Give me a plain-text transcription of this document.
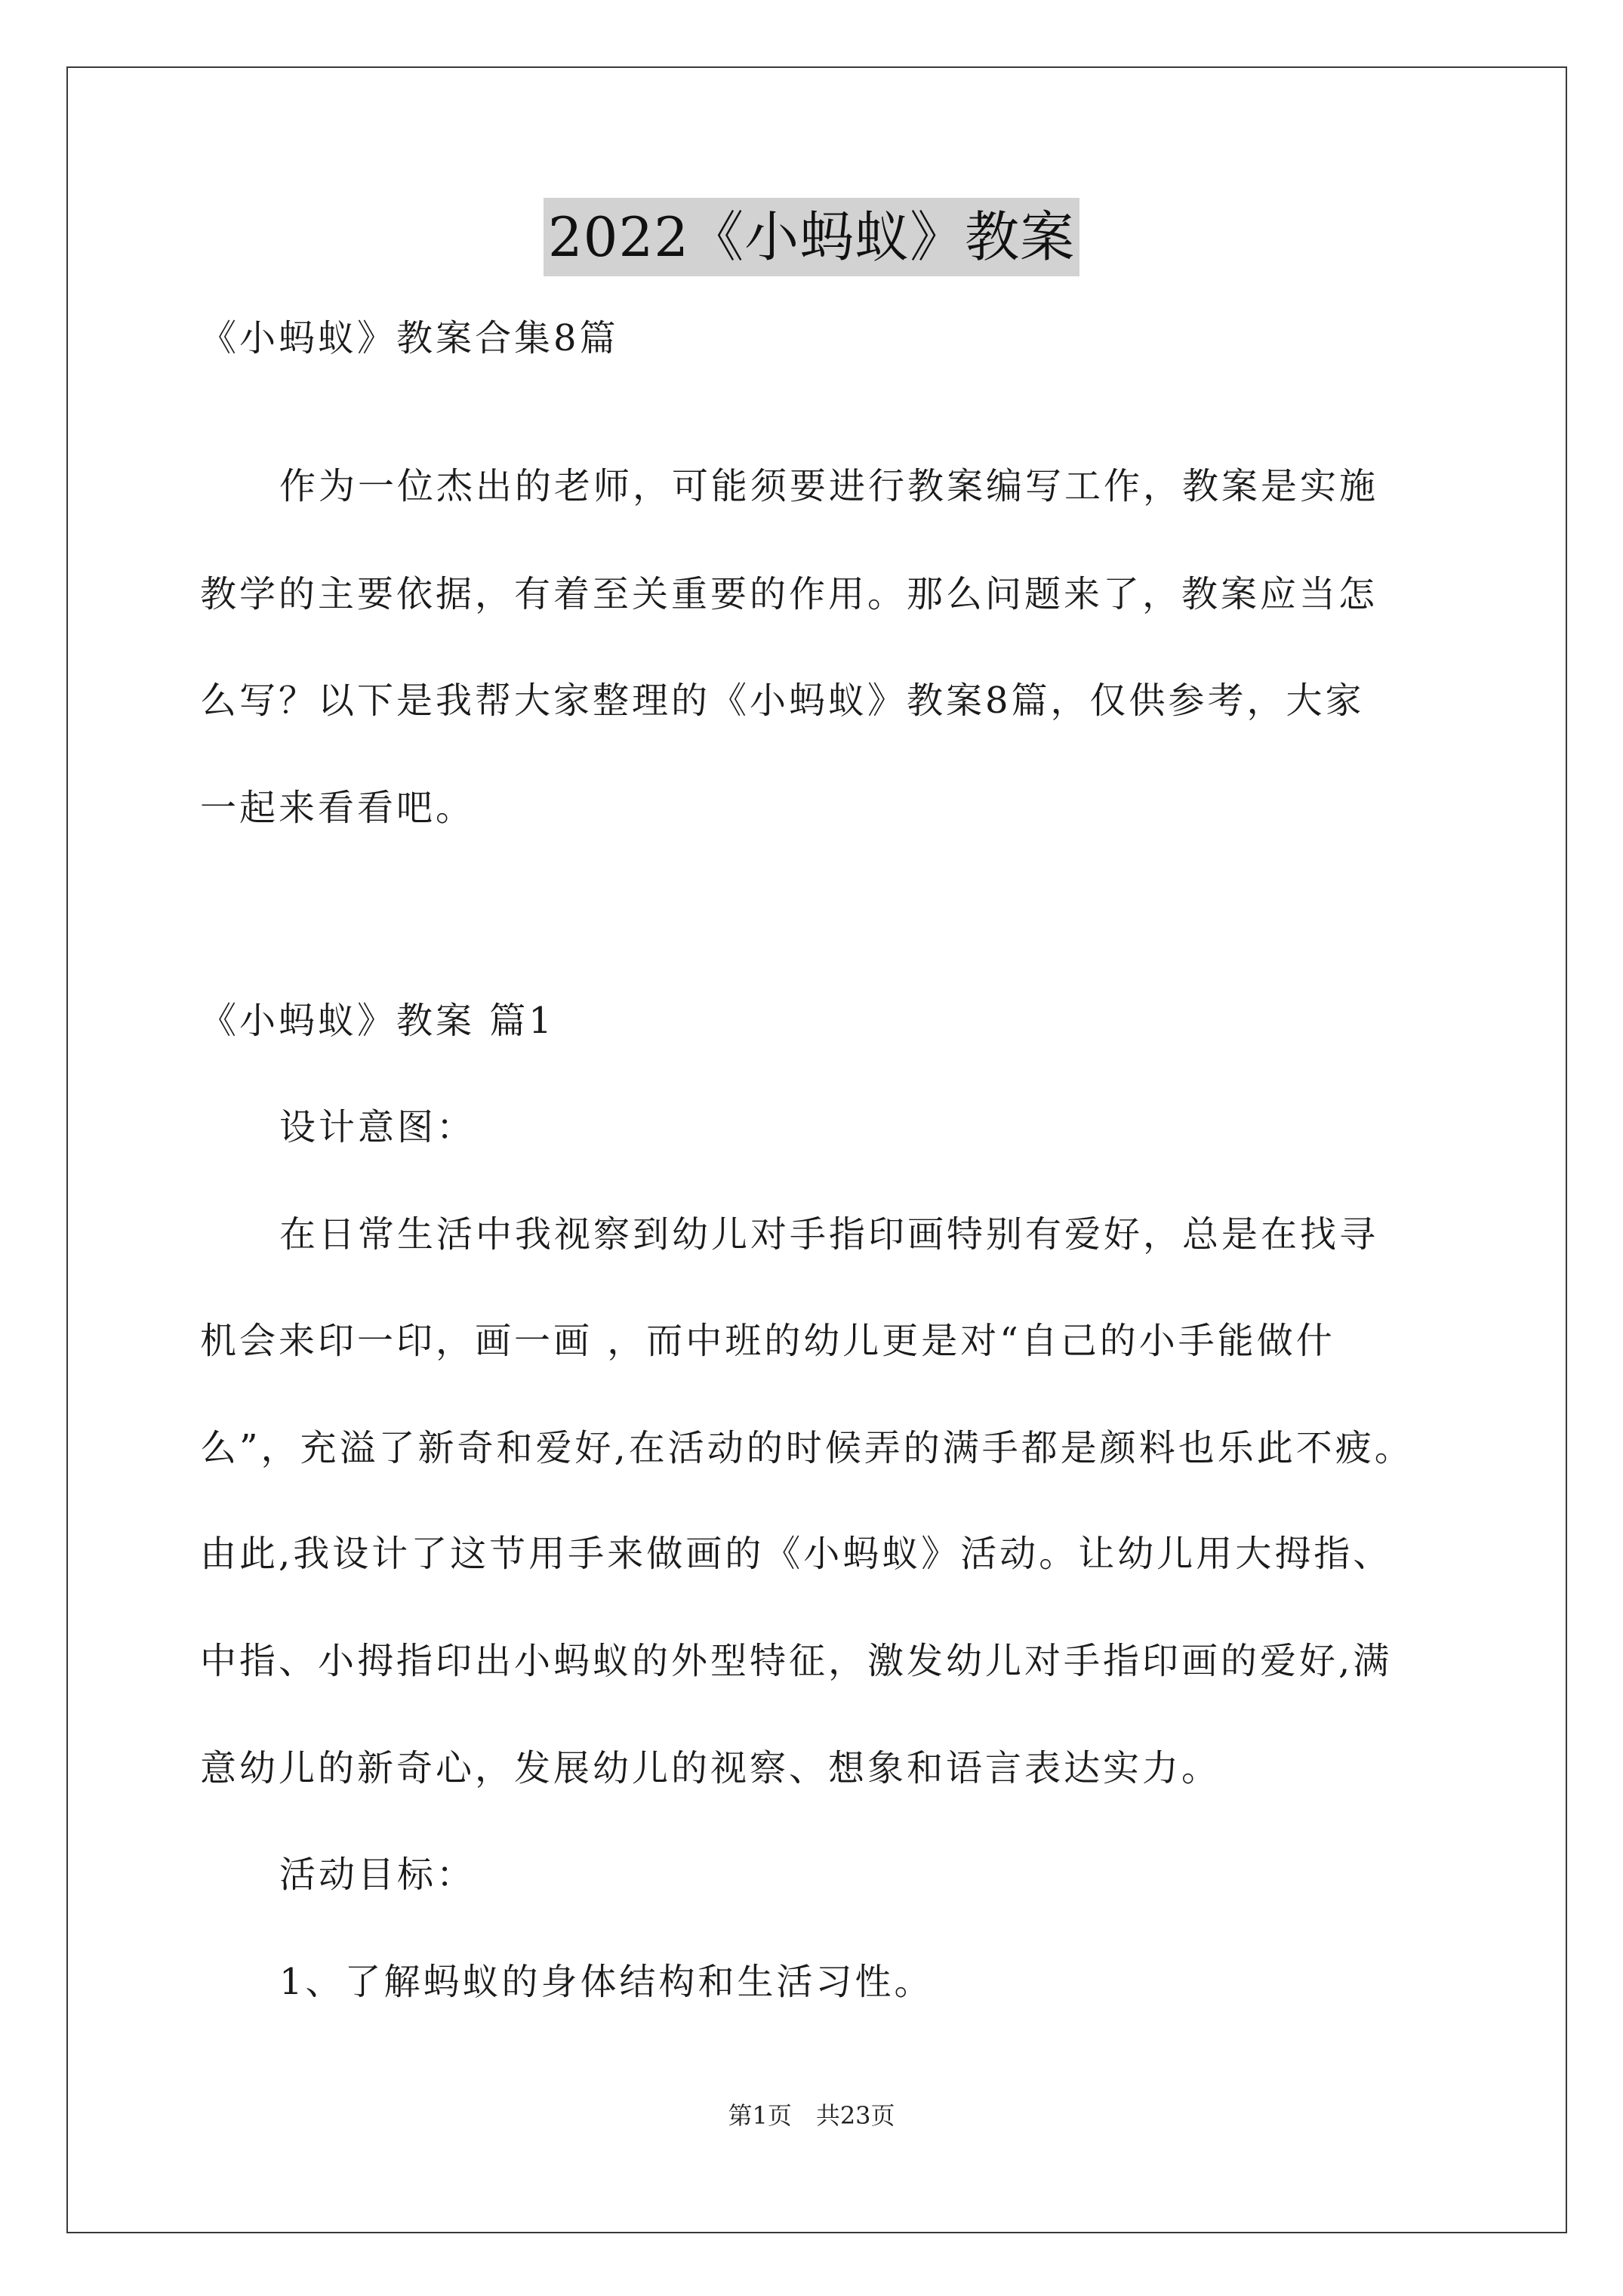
2022《小蚂蚁》教案
《小蚂蚁》教案合集8篇
作为一位杰出的老师，可能须要进行教案编写工作，教案是实施
教学的主要依据，有着至关重要的作用。那么问题来了，教案应当怎
么写？以下是我帮大家整理的《小蚂蚁》教案8篇，仅供参考，大家
一起来看看吧。
《小蚂蚁》教案 篇1
设计意图：
在日常生活中我视察到幼儿对手指印画特别有爱好，总是在找寻
机会来印一印，画一画 ，而中班的幼儿更是对“自己的小手能做什
么”，充溢了新奇和爱好,在活动的时候弄的满手都是颜料也乐此不疲。
由此,我设计了这节用手来做画的《小蚂蚁》活动。让幼儿用大拇指、
中指、小拇指印出小蚂蚁的外型特征，激发幼儿对手指印画的爱好,满
意幼儿的新奇心，发展幼儿的视察、想象和语言表达实力。
活动目标：
1、了解蚂蚁的身体结构和生活习性。
第1页　共23页
